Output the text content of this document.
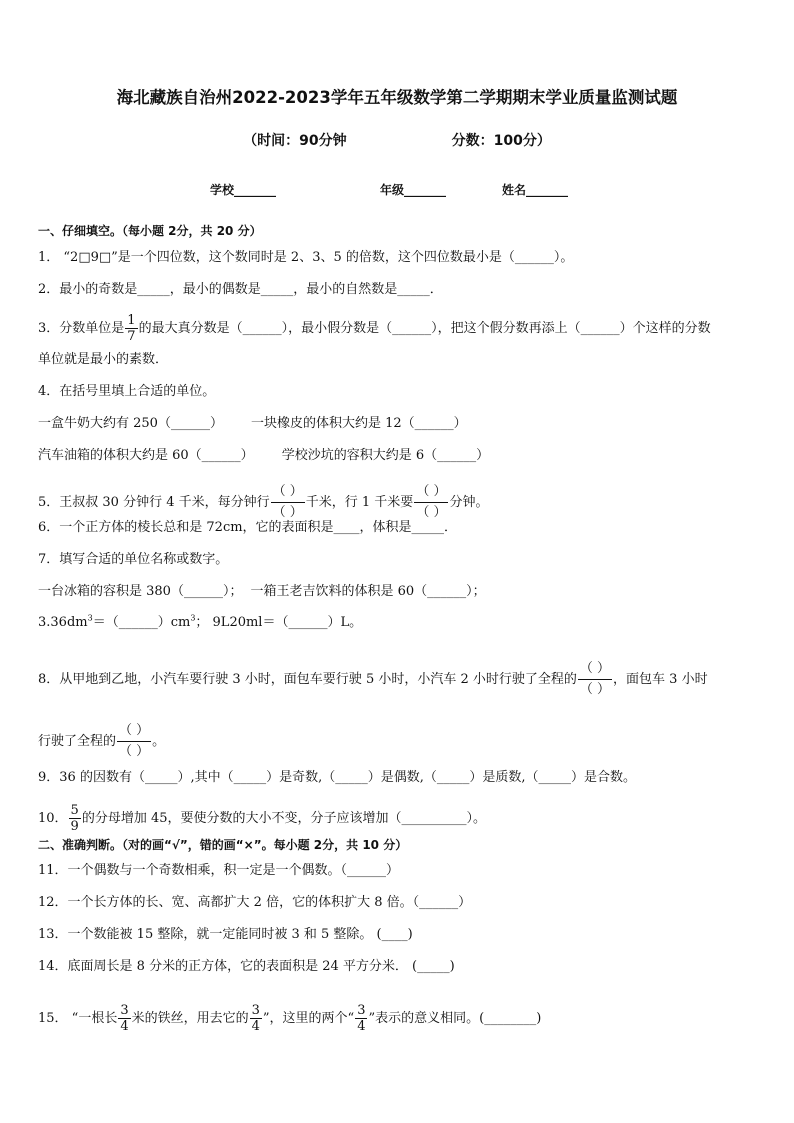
海北藏族自治州2022-2023学年五年级数学第二学期期末学业质量监测试题
（时间：90分钟	分数：100分）
学校_______	年级_______	姓名_______
一、仔细填空。（每小题 2分，共 20 分）
1． “2□9□”是一个四位数，这个数同时是 2、3、5 的倍数，这个四位数最小是（______）。
2．最小的奇数是_____，最小的偶数是_____，最小的自然数是_____．
3．分数单位是 $\frac{1}{7}$ 的最大真分数是（______），最小假分数是（______），把这个假分数再添上（______）个这样的分数
单位就是最小的素数．
4．在括号里填上合适的单位。
一盒牛奶大约有 250（______） 一块橡皮的体积大约是 12（______）
汽车油箱的体积大约是 60（______） 学校沙坑的容积大约是 6（______）
5．王叔叔 30 分钟行 4 千米，每分钟行 $\frac{( )}{( )}$ 千米，行 1 千米要 $\frac{( )}{( )}$ 分钟。
6．一个正方体的棱长总和是 72cm，它的表面积是____，体积是_____．
7．填写合适的单位名称或数字。
一台冰箱的容积是 380（______）； 一箱王老吉饮料的体积是 60（______）；
$3.36dm^3=(\_\_\_\_\_\_)cm^3$； 9L20ml＝（______）L。
8．从甲地到乙地，小汽车要行驶 3 小时，面包车要行驶 5 小时，小汽车 2 小时行驶了全程的 $\frac{( )}{( )}$ ，面包车 3 小时
行驶了全程的 $\frac{( )}{( )}$ 。
9．36 的因数有（_____）,其中（_____）是奇数,（_____）是偶数,（_____）是质数,（_____）是合数。
10． $\frac{5}{9}$ 的分母增加 45，要使分数的大小不变，分子应该增加（__________）。
二、准确判断。（对的画“√”，错的画“×”。每小题 2分，共 10 分）
11．一个偶数与一个奇数相乘，积一定是一个偶数。（______）
12．一个长方体的长、宽、高都扩大 2 倍，它的体积扩大 8 倍。（______）
13．一个数能被 15 整除，就一定能同时被 3 和 5 整除。 (____)
14．底面周长是 8 分米的正方体，它的表面积是 24 平方分米． (_____)
15． “一根长 $\frac{3}{4}$ 米的铁丝，用去它的 $\frac{3}{4}$ ”，这里的两个“ $\frac{3}{4}$ ”表示的意义相同。(________)
